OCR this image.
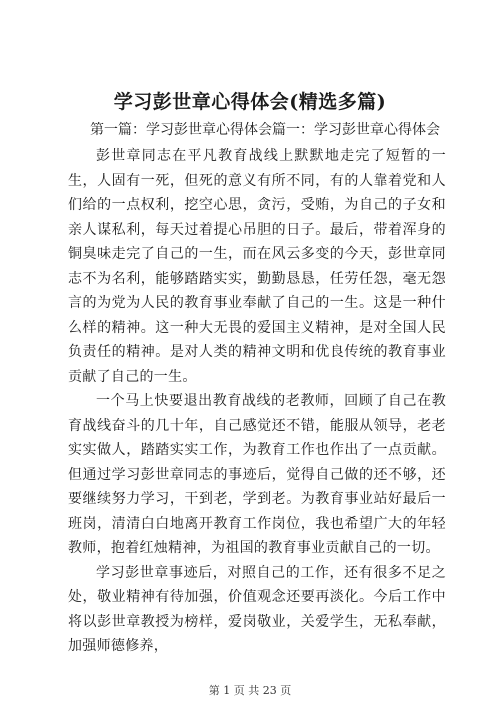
学习彭世章心得体会(精选多篇)
第一篇：学习彭世章心得体会篇一：学习彭世章心得体会

彭世章同志在平凡教育战线上默默地走完了短暂的一生，人固有一死，但死的意义有所不同，有的人靠着党和人们给的一点权利，挖空心思，贪污，受贿，为自己的子女和亲人谋私利，每天过着提心吊胆的日子。最后，带着浑身的铜臭味走完了自己的一生，而在风云多变的今天，彭世章同志不为名利，能够踏踏实实，勤勤恳恳，任劳任怨，毫无怨言的为党为人民的教育事业奉献了自己的一生。这是一种什么样的精神。这一种大无畏的爱国主义精神，是对全国人民负责任的精神。是对人类的精神文明和优良传统的教育事业贡献了自己的一生。

一个马上快要退出教育战线的老教师，回顾了自己在教育战线奋斗的几十年，自己感觉还不错，能服从领导，老老实实做人，踏踏实实工作，为教育工作也作出了一点贡献。但通过学习彭世章同志的事迹后，觉得自己做的还不够，还要继续努力学习，干到老，学到老。为教育事业站好最后一班岗，清清白白地离开教育工作岗位，我也希望广大的年轻教师，抱着红烛精神，为祖国的教育事业贡献自己的一切。

学习彭世章事迹后，对照自己的工作，还有很多不足之处，敬业精神有待加强，价值观念还要再淡化。今后工作中将以彭世章教授为榜样，爱岗敬业，关爱学生，无私奉献，加强师德修养，

第 1 页 共 23 页
